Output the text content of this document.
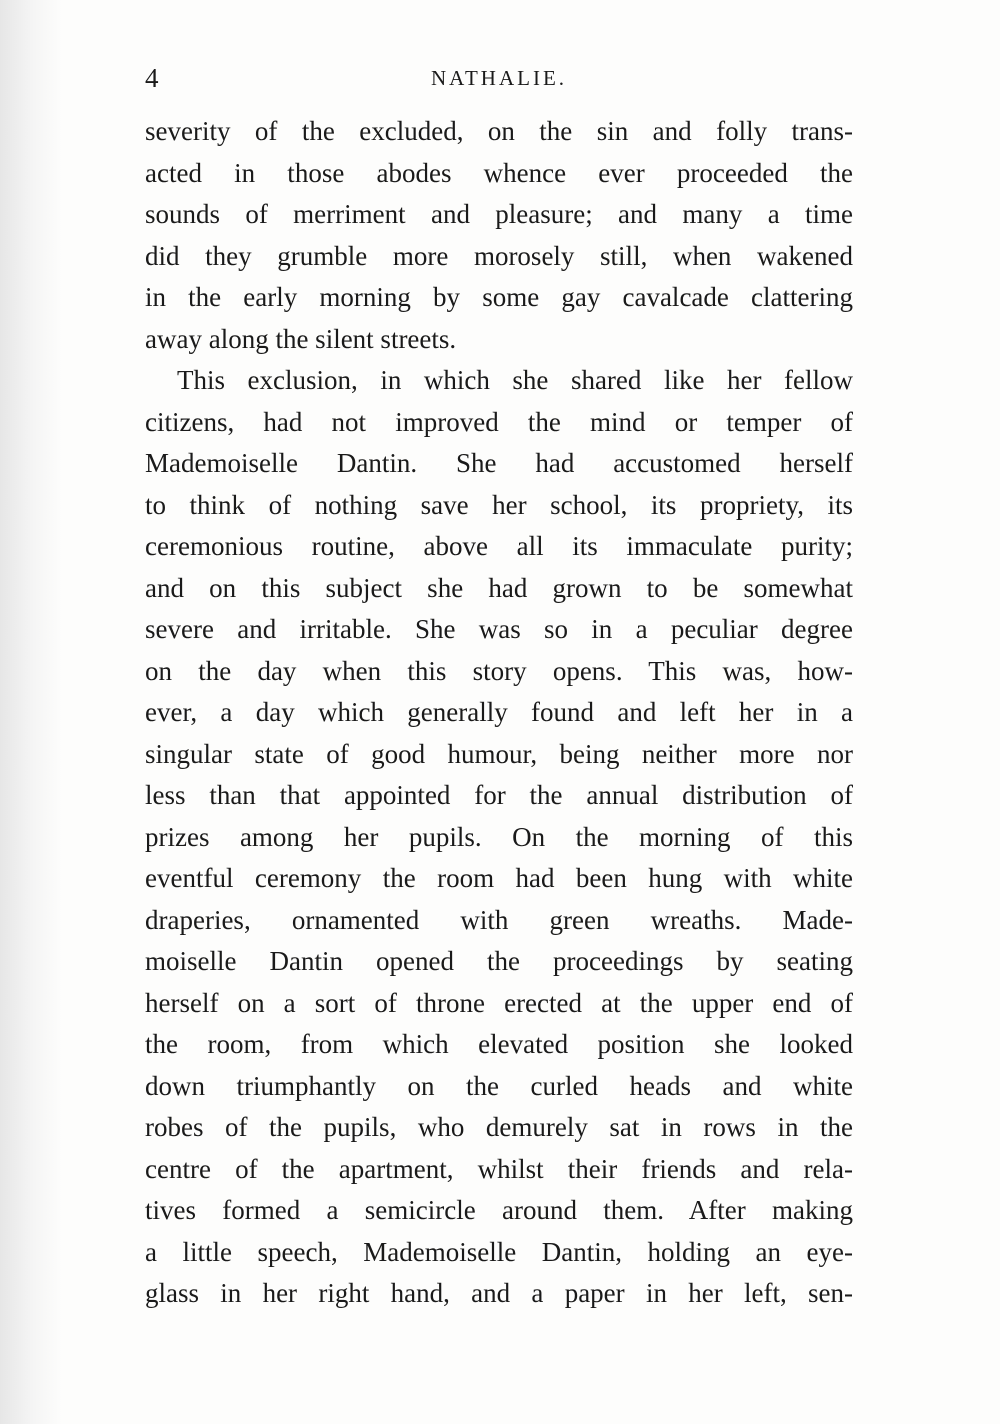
4	NATHALIE.
severity of the excluded, on the sin and folly trans-
acted in those abodes whence ever proceeded the
sounds of merriment and pleasure; and many a time
did they grumble more morosely still, when wakened
in the early morning by some gay cavalcade clattering
away along the silent streets.
This exclusion, in which she shared like her fellow
citizens, had not improved the mind or temper of
Mademoiselle Dantin. She had accustomed herself
to think of nothing save her school, its propriety, its
ceremonious routine, above all its immaculate purity;
and on this subject she had grown to be somewhat
severe and irritable. She was so in a peculiar degree
on the day when this story opens. This was, how-
ever, a day which generally found and left her in a
singular state of good humour, being neither more nor
less than that appointed for the annual distribution of
prizes among her pupils. On the morning of this
eventful ceremony the room had been hung with white
draperies, ornamented with green wreaths. Made-
moiselle Dantin opened the proceedings by seating
herself on a sort of throne erected at the upper end of
the room, from which elevated position she looked
down triumphantly on the curled heads and white
robes of the pupils, who demurely sat in rows in the
centre of the apartment, whilst their friends and rela-
tives formed a semicircle around them. After making
a little speech, Mademoiselle Dantin, holding an eye-
glass in her right hand, and a paper in her left, sen-
